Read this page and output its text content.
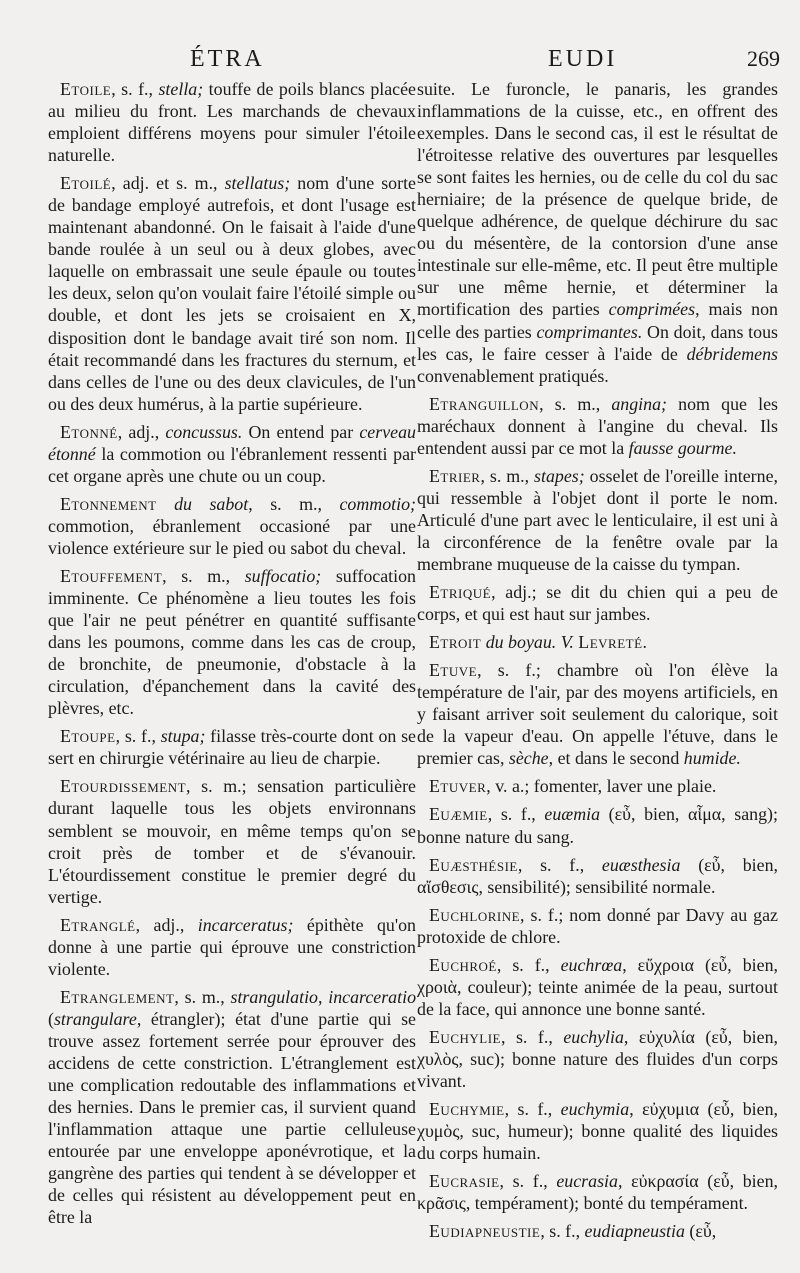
ÉTRA	EUDI	269

Etoile, s. f., stella; touffe de poils blancs placée au milieu du front. Les marchands de chevaux emploient différens moyens pour simuler l'étoile naturelle.

Etoilé, adj. et s. m., stellatus; nom d'une sorte de bandage employé autrefois, et dont l'usage est maintenant abandonné. On le faisait à l'aide d'une bande roulée à un seul ou à deux globes, avec laquelle on embrassait une seule épaule ou toutes les deux, selon qu'on voulait faire l'étoilé simple ou double, et dont les jets se croisaient en X, disposition dont le bandage avait tiré son nom. Il était recommandé dans les fractures du sternum, et dans celles de l'une ou des deux clavicules, de l'un ou des deux humérus, à la partie supérieure.

Etonné, adj., concussus. On entend par cerveau étonné la commotion ou l'ébranlement ressenti par cet organe après une chute ou un coup.

Etonnement du sabot, s. m., commotio; commotion, ébranlement occasioné par une violence extérieure sur le pied ou sabot du cheval.

Etouffement, s. m., suffocatio; suffocation imminente. Ce phénomène a lieu toutes les fois que l'air ne peut pénétrer en quantité suffisante dans les poumons, comme dans les cas de croup, de bronchite, de pneumonie, d'obstacle à la circulation, d'épanchement dans la cavité des plèvres, etc.

Etoupe, s. f., stupa; filasse très-courte dont on se sert en chirurgie vétérinaire au lieu de charpie.

Etourdissement, s. m.; sensation particulière durant laquelle tous les objets environnans semblent se mouvoir, en même temps qu'on se croit près de tomber et de s'évanouir. L'étourdissement constitue le premier degré du vertige.

Etranglé, adj., incarceratus; épithète qu'on donne à une partie qui éprouve une constriction violente.

Etranglement, s. m., strangulatio, incarceratio (strangulare, étrangler); état d'une partie qui se trouve assez fortement serrée pour éprouver des accidens de cette constriction. L'étranglement est une complication redoutable des inflammations et des hernies. Dans le premier cas, il survient quand l'inflammation attaque une partie celluleuse entourée par une enveloppe aponévrotique, et la gangrène des parties qui tendent à se développer et de celles qui résistent au développement peut en être la

suite. Le furoncle, le panaris, les grandes inflammations de la cuisse, etc., en offrent des exemples. Dans le second cas, il est le résultat de l'étroitesse relative des ouvertures par lesquelles se sont faites les hernies, ou de celle du col du sac herniaire; de la présence de quelque bride, de quelque adhérence, de quelque déchirure du sac ou du mésentère, de la contorsion d'une anse intestinale sur elle-même, etc. Il peut être multiple sur une même hernie, et déterminer la mortification des parties comprimées, mais non celle des parties comprimantes. On doit, dans tous les cas, le faire cesser à l'aide de débridemens convenablement pratiqués.

Etranguillon, s. m., angina; nom que les maréchaux donnent à l'angine du cheval. Ils entendent aussi par ce mot la fausse gourme.

Etrier, s. m., stapes; osselet de l'oreille interne, qui ressemble à l'objet dont il porte le nom. Articulé d'une part avec le lenticulaire, il est uni à la circonférence de la fenêtre ovale par la membrane muqueuse de la caisse du tympan.

Etriqué, adj.; se dit du chien qui a peu de corps, et qui est haut sur jambes.

Etroit du boyau. V. Levreté.

Etuve, s. f.; chambre où l'on élève la température de l'air, par des moyens artificiels, en y faisant arriver soit seulement du calorique, soit de la vapeur d'eau. On appelle l'étuve, dans le premier cas, sèche, et dans le second humide.

Etuver, v. a.; fomenter, laver une plaie.

Euæmie, s. f., euæmia (εὖ, bien, αἷμα, sang); bonne nature du sang.

Euæsthésie, s. f., euæsthesia (εὖ, bien, αἴσθεσις, sensibilité); sensibilité normale.

Euchlorine, s. f.; nom donné par Davy au gaz protoxide de chlore.

Euchroé, s. f., euchrœa, εὔχροια (εὖ, bien, χροιὰ, couleur); teinte animée de la peau, surtout de la face, qui annonce une bonne santé.

Euchylie, s. f., euchylia, εὐχυλία (εὖ, bien, χυλὸς, suc); bonne nature des fluides d'un corps vivant.

Euchymie, s. f., euchymia, εὐχυμια (εὖ, bien, χυμὸς, suc, humeur); bonne qualité des liquides du corps humain.

Eucrasie, s. f., eucrasia, εὐκρασία (εὖ, bien, κρᾶσις, tempérament); bonté du tempérament.

Eudiapneustie, s. f., eudiapneustia (εὖ,
